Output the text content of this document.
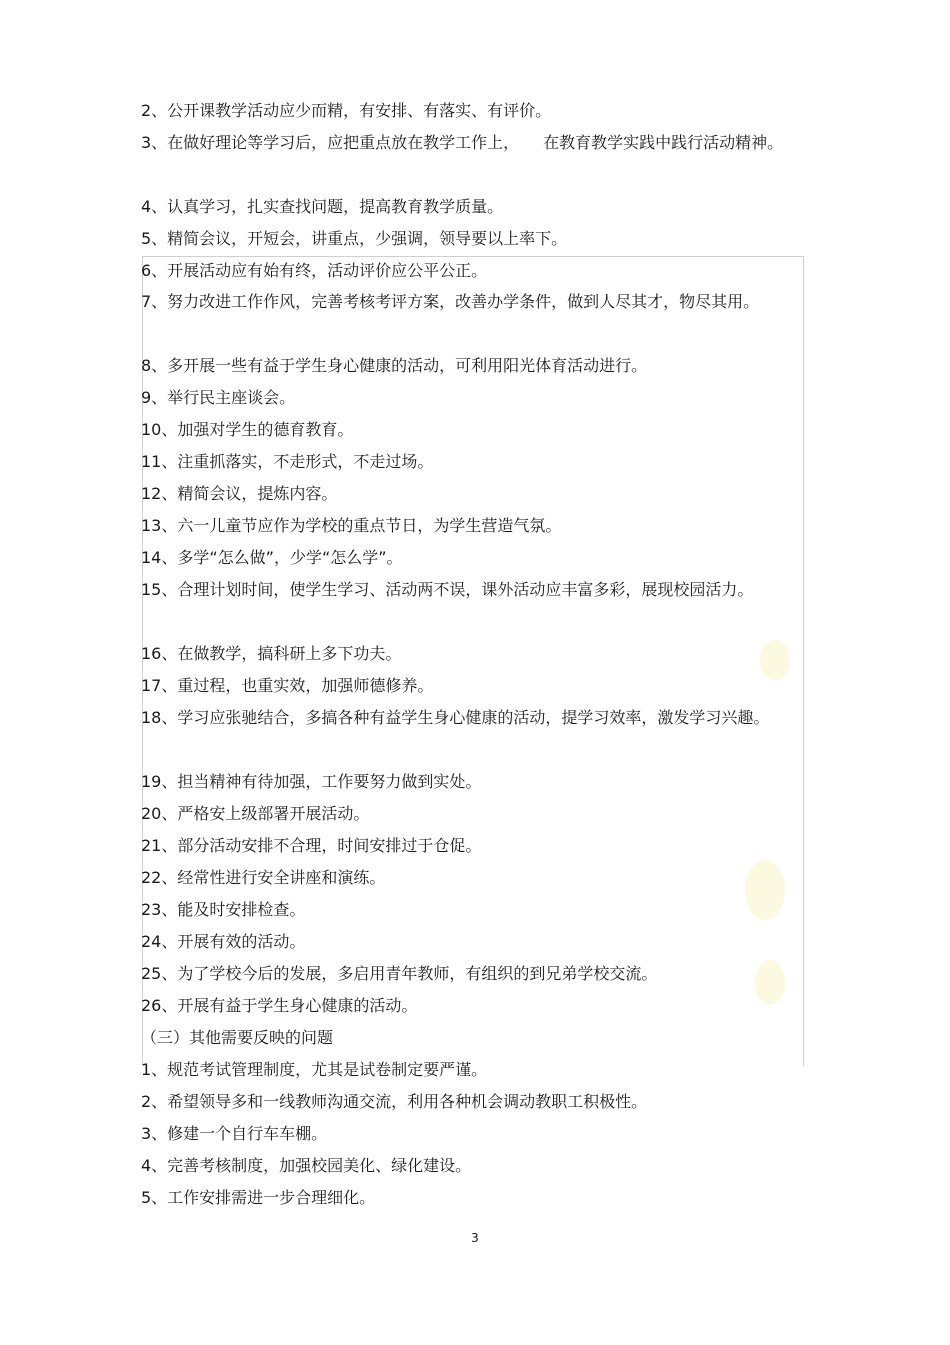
2、公开课教学活动应少而精，有安排、有落实、有评价。
3、在做好理论等学习后，应把重点放在教学工作上，　　在教育教学实践中践行活动精神。
4、认真学习，扎实查找问题，提高教育教学质量。
5、精简会议，开短会，讲重点，少强调，领导要以上率下。
6、开展活动应有始有终，活动评价应公平公正。
7、努力改进工作作风，完善考核考评方案，改善办学条件，做到人尽其才，物尽其用。
8、多开展一些有益于学生身心健康的活动，可利用阳光体育活动进行。
9、举行民主座谈会。
10、加强对学生的德育教育。
11、注重抓落实，不走形式，不走过场。
12、精简会议，提炼内容。
13、六一儿童节应作为学校的重点节日，为学生营造气氛。
14、多学“怎么做”，少学“怎么学”。
15、合理计划时间，使学生学习、活动两不误，课外活动应丰富多彩，展现校园活力。
16、在做教学，搞科研上多下功夫。
17、重过程，也重实效，加强师德修养。
18、学习应张驰结合，多搞各种有益学生身心健康的活动，提学习效率，激发学习兴趣。
19、担当精神有待加强，工作要努力做到实处。
20、严格安上级部署开展活动。
21、部分活动安排不合理，时间安排过于仓促。
22、经常性进行安全讲座和演练。
23、能及时安排检查。
24、开展有效的活动。
25、为了学校今后的发展，多启用青年教师，有组织的到兄弟学校交流。
26、开展有益于学生身心健康的活动。
（三）其他需要反映的问题
1、规范考试管理制度，尤其是试卷制定要严谨。
2、希望领导多和一线教师沟通交流，利用各种机会调动教职工积极性。
3、修建一个自行车车棚。
4、完善考核制度，加强校园美化、绿化建设。
5、工作安排需进一步合理细化。
3
